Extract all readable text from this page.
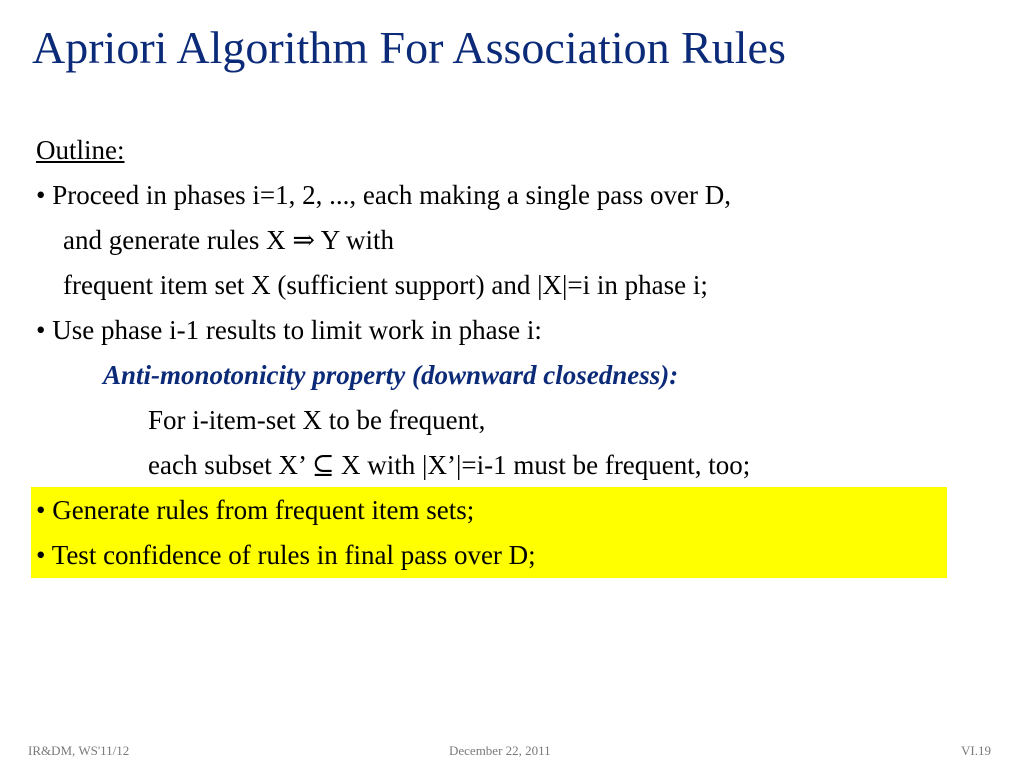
Apriori Algorithm For Association Rules
Outline:
• Proceed in phases i=1, 2, ..., each making a single pass over D,
and generate rules X ⇒ Y with
frequent item set X (sufficient support) and |X|=i in phase i;
• Use phase i-1 results to limit work in phase i:
Anti-monotonicity property (downward closedness):
For i-item-set X to be frequent,
each subset X’ ⊆ X with |X’|=i-1 must be frequent, too;
• Generate rules from frequent item sets;
• Test confidence of rules in final pass over D;
IR&DM, WS'11/12	December 22, 2011	VI.19
